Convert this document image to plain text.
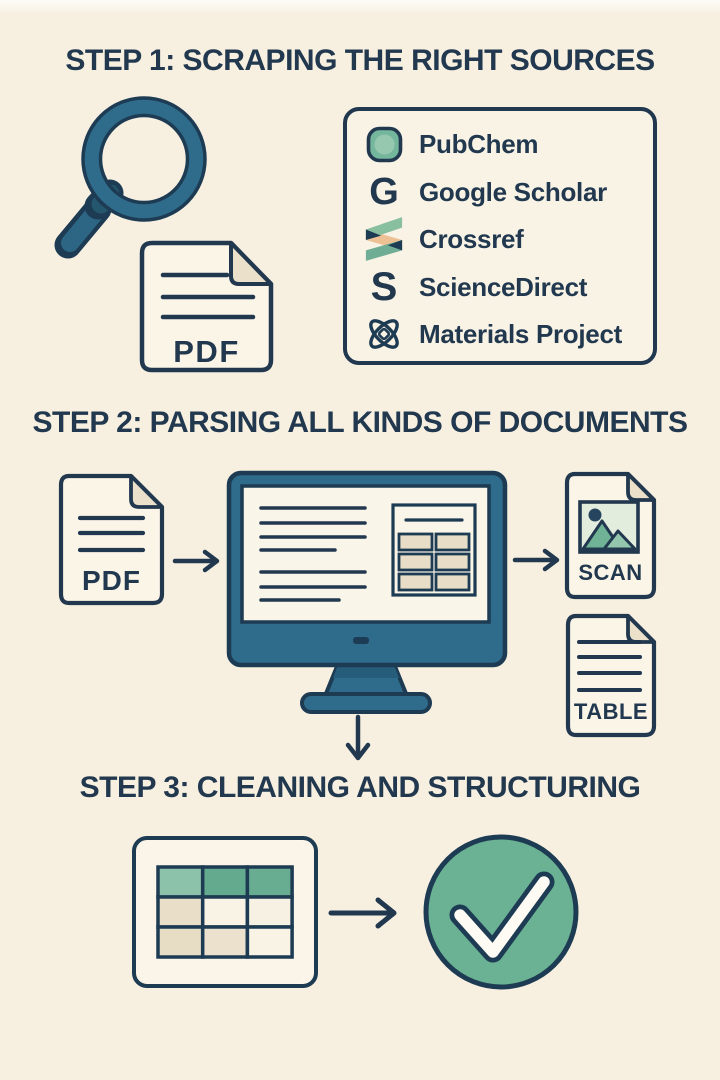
STEP 1: SCRAPING THE RIGHT SOURCES
PDF
PubChem
G Google Scholar
Crossref
S ScienceDirect
Materials Project
STEP 2: PARSING ALL KINDS OF DOCUMENTS
PDF	SCAN
TABLE
STEP 3: CLEANING AND STRUCTURING
